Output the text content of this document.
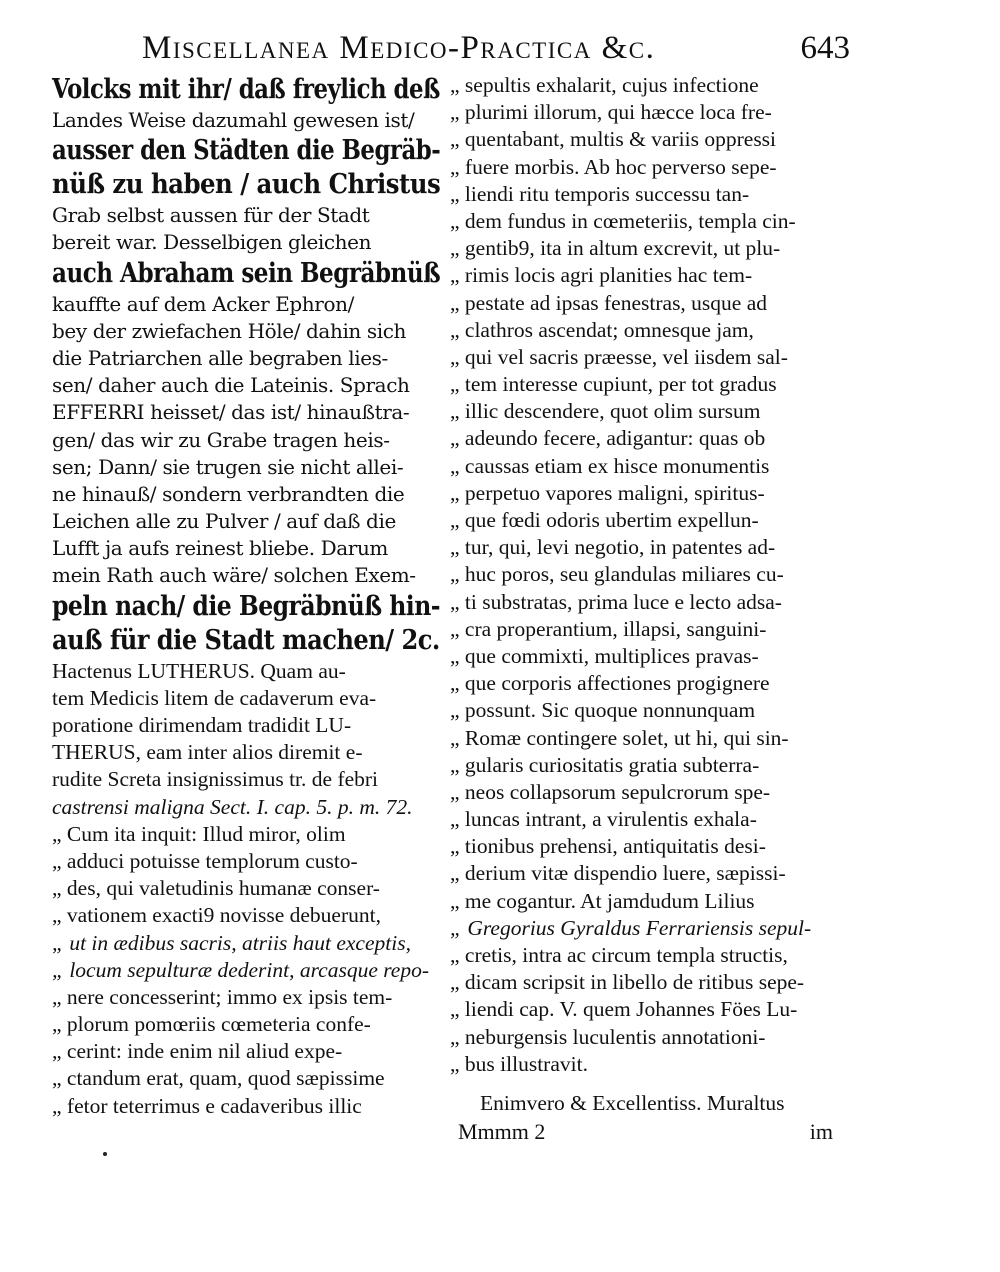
Miscellanea Medico-Practica &c.	643
Volcks mit ihr/ daß freylich deß
Landes Weise dazumahl gewesen ist/
ausser den Städten die Begräb-
nüß zu haben / auch Christus
Grab selbst aussen für der Stadt
bereit war. Desselbigen gleichen
auch Abraham sein Begräbnüß
kauffte auf dem Acker Ephron/
bey der zwiefachen Höle/ dahin sich
die Patriarchen alle begraben lies-
sen/ daher auch die Lateinis. Sprach
EFFERRI heisset/ das ist/ hinaußtra-
gen/ das wir zu Grabe tragen heis-
sen; Dann/ sie trugen sie nicht allei-
ne hinauß/ sondern verbrandten die
Leichen alle zu Pulver / auf daß die
Lufft ja aufs reinest bliebe. Darum
mein Rath auch wäre/ solchen Exem-
peln nach/ die Begräbnüß hin-
auß für die Stadt machen/ 2c.
Hactenus LUTHERUS. Quam au-
tem Medicis litem de cadaverum eva-
poratione dirimendam tradidit LU-
THERUS, eam inter alios diremit e-
rudite Screta insignissimus tr. de febri
castrensi maligna Sect. I. cap. 5. p. m. 72.
„ Cum ita inquit: Illud miror, olim
„ adduci potuisse templorum custo-
„ des, qui valetudinis humanæ conser-
„ vationem exacti9 novisse debuerunt,
„ ut in ædibus sacris, atriis haut exceptis,
„ locum sepulturæ dederint, arcasque repo-
„ nere concesserint; immo ex ipsis tem-
„ plorum pomœriis cœmeteria confe-
„ cerint: inde enim nil aliud expe-
„ ctandum erat, quam, quod sæpissime
„ fetor teterrimus e cadaveribus illic
„ sepultis exhalarit, cujus infectione
„ plurimi illorum, qui hæcce loca fre-
„ quentabant, multis & variis oppressi
„ fuere morbis. Ab hoc perverso sepe-
„ liendi ritu temporis successu tan-
„ dem fundus in cœmeteriis, templa cin-
„ gentib9, ita in altum excrevit, ut plu-
„ rimis locis agri planities hac tem-
„ pestate ad ipsas fenestras, usque ad
„ clathros ascendat; omnesque jam,
„ qui vel sacris præesse, vel iisdem sal-
„ tem interesse cupiunt, per tot gradus
„ illic descendere, quot olim sursum
„ adeundo fecere, adigantur: quas ob
„ caussas etiam ex hisce monumentis
„ perpetuo vapores maligni, spiritus-
„ que fœdi odoris ubertim expellun-
„ tur, qui, levi negotio, in patentes ad-
„ huc poros, seu glandulas miliares cu-
„ ti substratas, prima luce e lecto adsa-
„ cra properantium, illapsi, sanguini-
„ que commixti, multiplices pravas-
„ que corporis affectiones progignere
„ possunt. Sic quoque nonnunquam
„ Romæ contingere solet, ut hi, qui sin-
„ gularis curiositatis gratia subterra-
„ neos collapsorum sepulcrorum spe-
„ luncas intrant, a virulentis exhala-
„ tionibus prehensi, antiquitatis desi-
„ derium vitæ dispendio luere, sæpissi-
„ me cogantur. At jamdudum Lilius
„ Gregorius Gyraldus Ferrariensis sepul-
„ cretis, intra ac circum templa structis,
„ dicam scripsit in libello de ritibus sepe-
„ liendi cap. V. quem Johannes Föes Lu-
„ neburgensis luculentis annotationi-
„ bus illustravit.
Enimvero & Excellentiss. Muraltus
Mmmm 2	im
